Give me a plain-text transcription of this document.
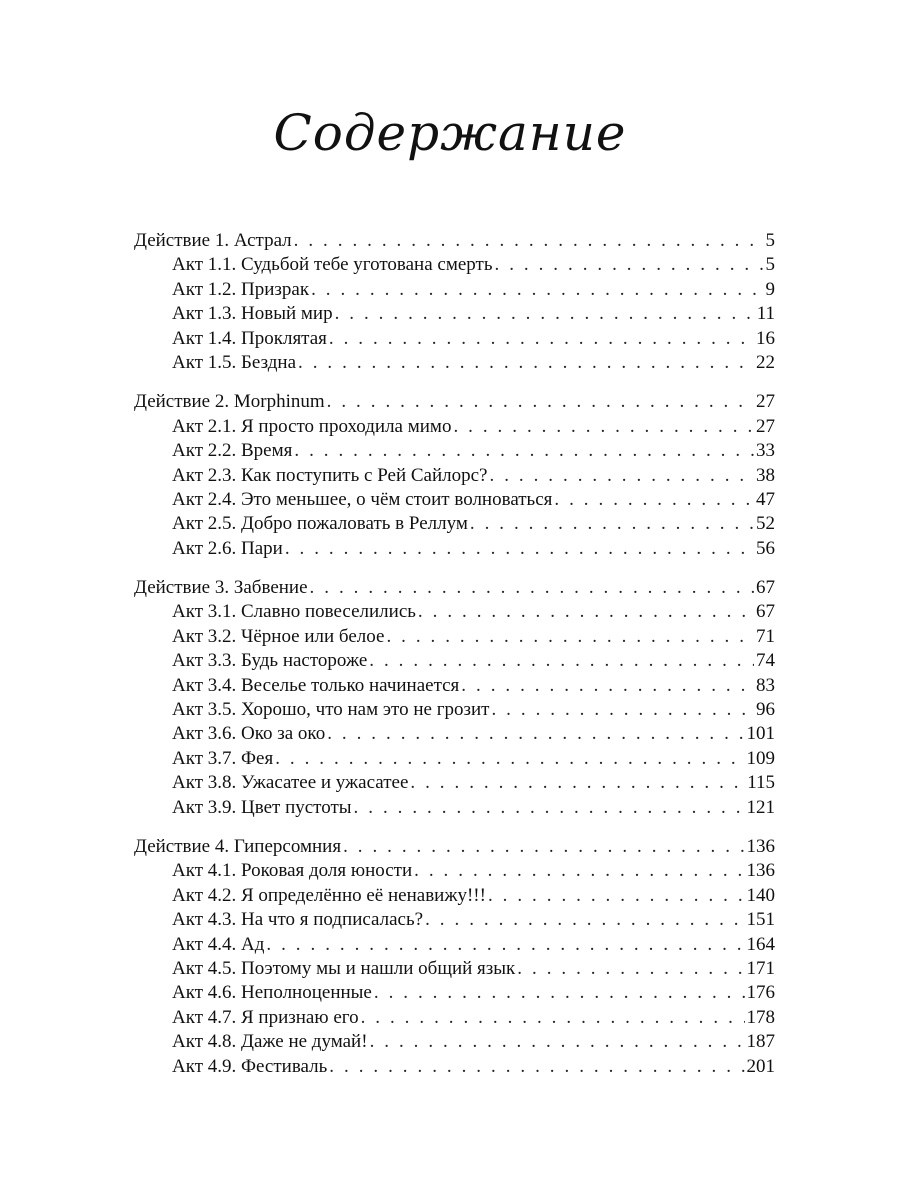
Содержание
Действие 1. Астрал . . .	5
Акт 1.1. Судьбой тебе уготована смерть . . .	5
Акт 1.2. Призрак . . .	9
Акт 1.3. Новый мир . . .	11
Акт 1.4. Проклятая . . .	16
Акт 1.5. Бездна . . .	22
Действие 2. Morphinum . . .	27
Акт 2.1. Я просто проходила мимо . . .	27
Акт 2.2. Время . . .	33
Акт 2.3. Как поступить с Рей Сайлорс? . . .	38
Акт 2.4. Это меньшее, о чём стоит волноваться . . .	47
Акт 2.5. Добро пожаловать в Реллум . . .	52
Акт 2.6. Пари . . .	56
Действие 3. Забвение . . .	67
Акт 3.1. Славно повеселились . . .	67
Акт 3.2. Чёрное или белое . . .	71
Акт 3.3. Будь настороже . . .	74
Акт 3.4. Веселье только начинается . . .	83
Акт 3.5. Хорошо, что нам это не грозит . . .	96
Акт 3.6. Око за око . . .	101
Акт 3.7. Фея . . .	109
Акт 3.8. Ужасатее и ужасатее . . .	115
Акт 3.9. Цвет пустоты . . .	121
Действие 4. Гиперсомния . . .	136
Акт 4.1. Роковая доля юности . . .	136
Акт 4.2. Я определённо её ненавижу!!! . . .	140
Акт 4.3. На что я подписалась? . . .	151
Акт 4.4. Ад . . .	164
Акт 4.5. Поэтому мы и нашли общий язык . . .	171
Акт 4.6. Неполноценные . . .	176
Акт 4.7. Я признаю его . . .	178
Акт 4.8. Даже не думай! . . .	187
Акт 4.9. Фестиваль . . .	201
